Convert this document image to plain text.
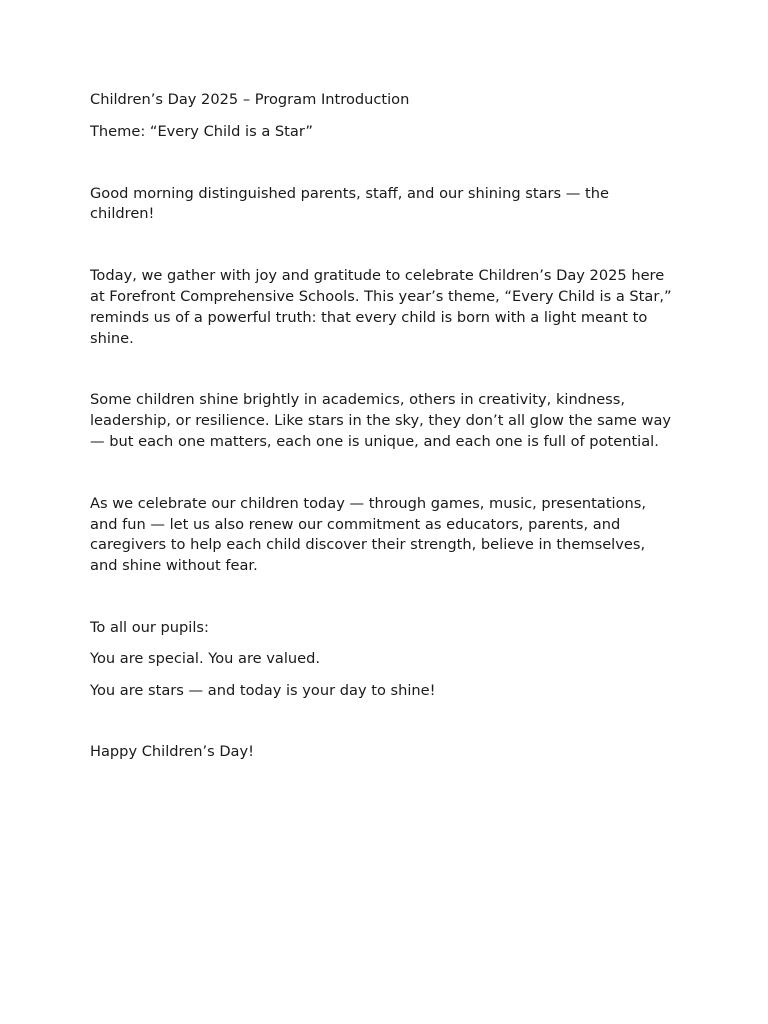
Children’s Day 2025 – Program Introduction

Theme: “Every Child is a Star”

Good morning distinguished parents, staff, and our shining stars — the children!

Today, we gather with joy and gratitude to celebrate Children’s Day 2025 here at Forefront Comprehensive Schools. This year’s theme, “Every Child is a Star,” reminds us of a powerful truth: that every child is born with a light meant to shine.

Some children shine brightly in academics, others in creativity, kindness, leadership, or resilience. Like stars in the sky, they don’t all glow the same way — but each one matters, each one is unique, and each one is full of potential.

As we celebrate our children today — through games, music, presentations, and fun — let us also renew our commitment as educators, parents, and caregivers to help each child discover their strength, believe in themselves, and shine without fear.

To all our pupils:

You are special. You are valued.

You are stars — and today is your day to shine!

Happy Children’s Day!
